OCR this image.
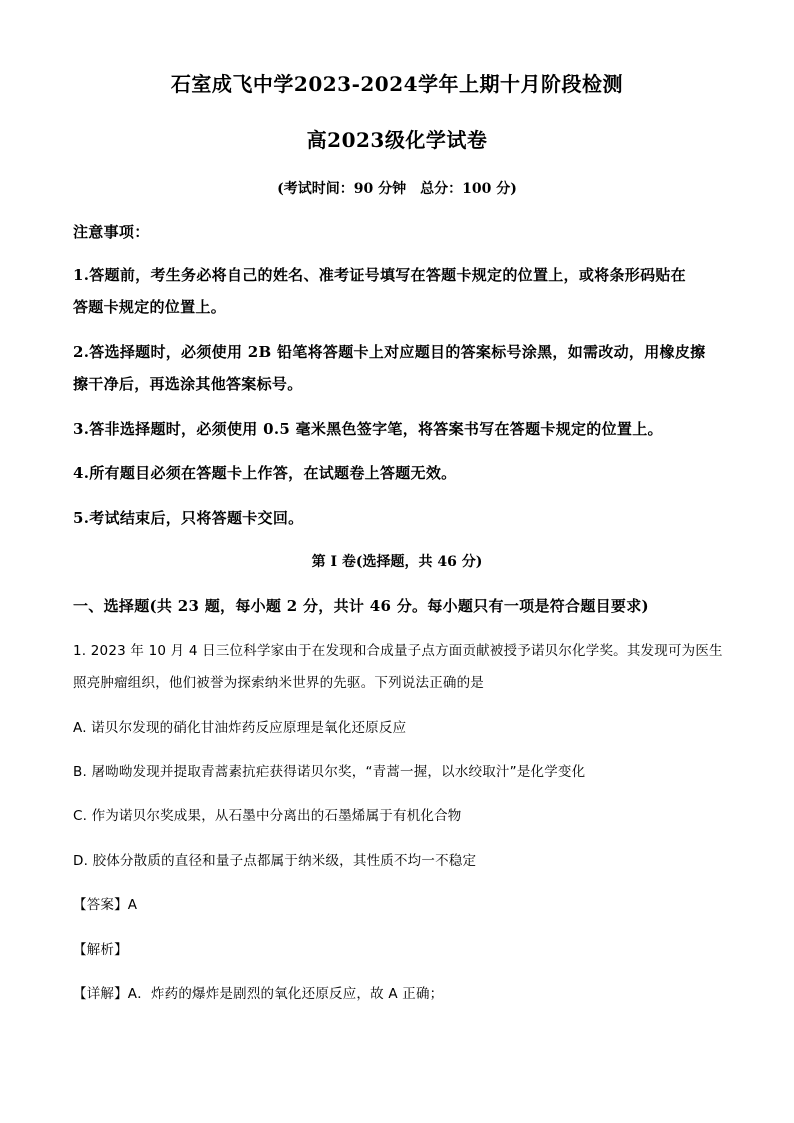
石室成飞中学2023-2024学年上期十月阶段检测
高2023级化学试卷
(考试时间：90 分钟　总分：100 分)
注意事项：
1.答题前，考生务必将自己的姓名、准考证号填写在答题卡规定的位置上，或将条形码贴在
答题卡规定的位置上。
2.答选择题时，必须使用 2B 铅笔将答题卡上对应题目的答案标号涂黑，如需改动，用橡皮擦
擦干净后，再选涂其他答案标号。
3.答非选择题时，必须使用 0.5 毫米黑色签字笔，将答案书写在答题卡规定的位置上。
4.所有题目必须在答题卡上作答，在试题卷上答题无效。
5.考试结束后，只将答题卡交回。
第 I 卷(选择题，共 46 分)
一、选择题(共 23 题，每小题 2 分，共计 46 分。每小题只有一项是符合题目要求)
1. 2023 年 10 月 4 日三位科学家由于在发现和合成量子点方面贡献被授予诺贝尔化学奖。其发现可为医生
照亮肿瘤组织，他们被誉为探索纳米世界的先驱。下列说法正确的是
A. 诺贝尔发现的硝化甘油炸药反应原理是氧化还原反应
B. 屠呦呦发现并提取青蒿素抗疟获得诺贝尔奖，“青蒿一握，以水绞取汁”是化学变化
C. 作为诺贝尔奖成果，从石墨中分离出的石墨烯属于有机化合物
D. 胶体分散质的直径和量子点都属于纳米级，其性质不均一不稳定
【答案】A
【解析】
【详解】A．炸药的爆炸是剧烈的氧化还原反应，故 A 正确；
